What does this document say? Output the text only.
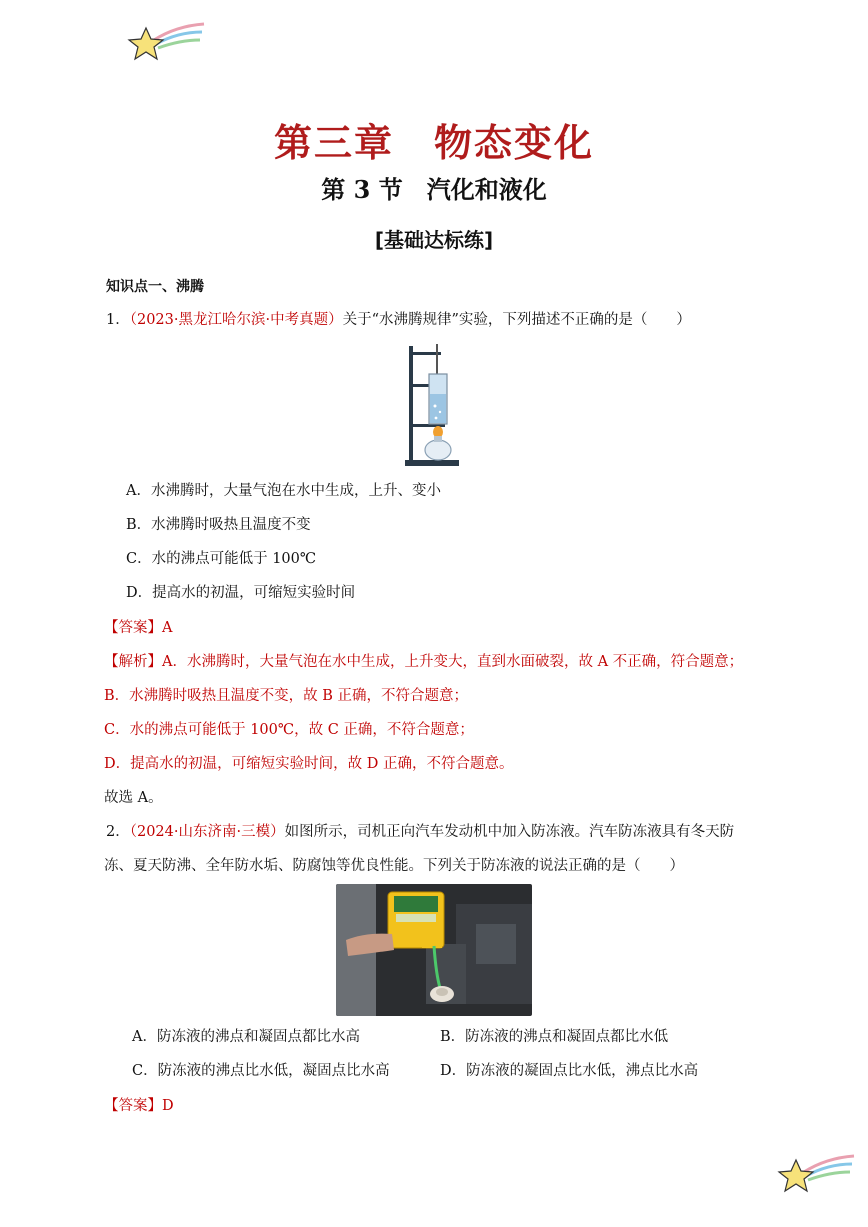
第三章　物态变化
第 3 节　汽化和液化
[基础达标练]
知识点一、沸腾
1．（2023·黑龙江哈尔滨·中考真题）关于“水沸腾规律”实验，下列描述不正确的是（　　）
A．水沸腾时，大量气泡在水中生成，上升、变小
B．水沸腾时吸热且温度不变
C．水的沸点可能低于 100℃
D．提高水的初温，可缩短实验时间
【答案】A
【解析】A．水沸腾时，大量气泡在水中生成，上升变大，直到水面破裂，故 A 不正确，符合题意；
B．水沸腾时吸热且温度不变，故 B 正确，不符合题意；
C．水的沸点可能低于 100℃，故 C 正确，不符合题意；
D．提高水的初温，可缩短实验时间，故 D 正确，不符合题意。
故选 A。
2．（2024·山东济南·三模）如图所示，司机正向汽车发动机中加入防冻液。汽车防冻液具有冬天防
冻、夏天防沸、全年防水垢、防腐蚀等优良性能。下列关于防冻液的说法正确的是（　　）
A．防冻液的沸点和凝固点都比水高	B．防冻液的沸点和凝固点都比水低
C．防冻液的沸点比水低，凝固点比水高	D．防冻液的凝固点比水低，沸点比水高
【答案】D
